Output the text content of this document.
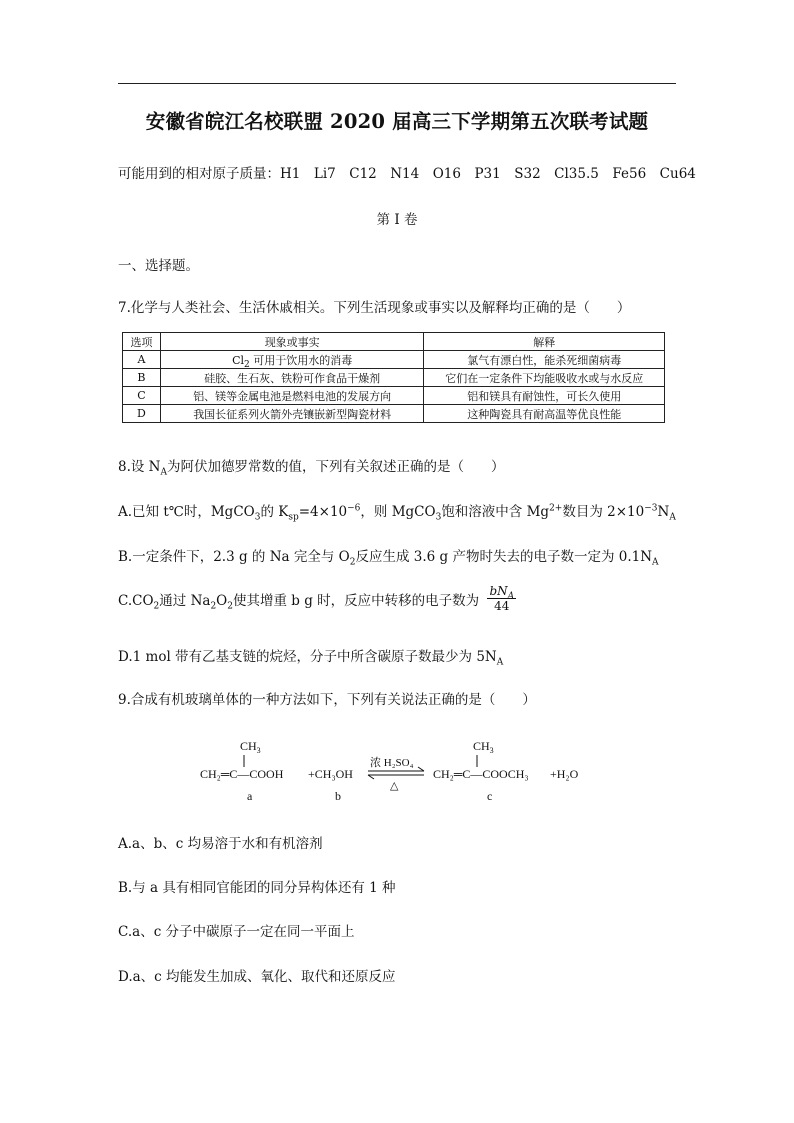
安徽省皖江名校联盟 2020 届高三下学期第五次联考试题
可能用到的相对原子质量：H1　Li7　C12　N14　O16　P31　S32　Cl35.5　Fe56　Cu64
第 I 卷
一、选择题。
7.化学与人类社会、生活休戚相关。下列生活现象或事实以及解释均正确的是（　　）
选项	现象或事实	解释
A	$Cl_2$ 可用于饮用水的消毒	氯气有漂白性，能杀死细菌病毒
B	硅胶、生石灰、铁粉可作食品干燥剂	它们在一定条件下均能吸收水或与水反应
C	铝、镁等金属电池是燃料电池的发展方向	铝和镁具有耐蚀性，可长久使用
D	我国长征系列火箭外壳镶嵌新型陶瓷材料	这种陶瓷具有耐高温等优良性能
8.设 $N_A$为阿伏加德罗常数的值，下列有关叙述正确的是（　　）
A.已知 t℃时，MgCO$_3$的 $K_{sp}=4\times 10^{-6}$，则 MgCO$_3$饱和溶液中含 $Mg^{2+}$数目为 $2\times 10^{-3}N_A$
B.一定条件下，2.3 g 的 Na 完全与 $O_2$反应生成 3.6 g 产物时失去的电子数一定为 $0.1N_A$
$C.CO_2$通过 $Na_2O_2$使其增重 b g 时，反应中转移的电子数为 $\frac{bN_A}{44}$
D.1 mol 带有乙基支链的烷烃，分子中所含碳原子数最少为 $5N_A$
9.合成有机玻璃单体的一种方法如下，下列有关说法正确的是（　　）
$CH_3$
CH₂═C—COOH +CH₃OH
浓 H₂SO₄
△
$CH_3$
CH₂═C—COOCH₃ +H₂O
a	b	c
A.a、b、c 均易溶于水和有机溶剂
B.与 a 具有相同官能团的同分异构体还有 1 种
C.a、c 分子中碳原子一定在同一平面上
D.a、c 均能发生加成、氧化、取代和还原反应
